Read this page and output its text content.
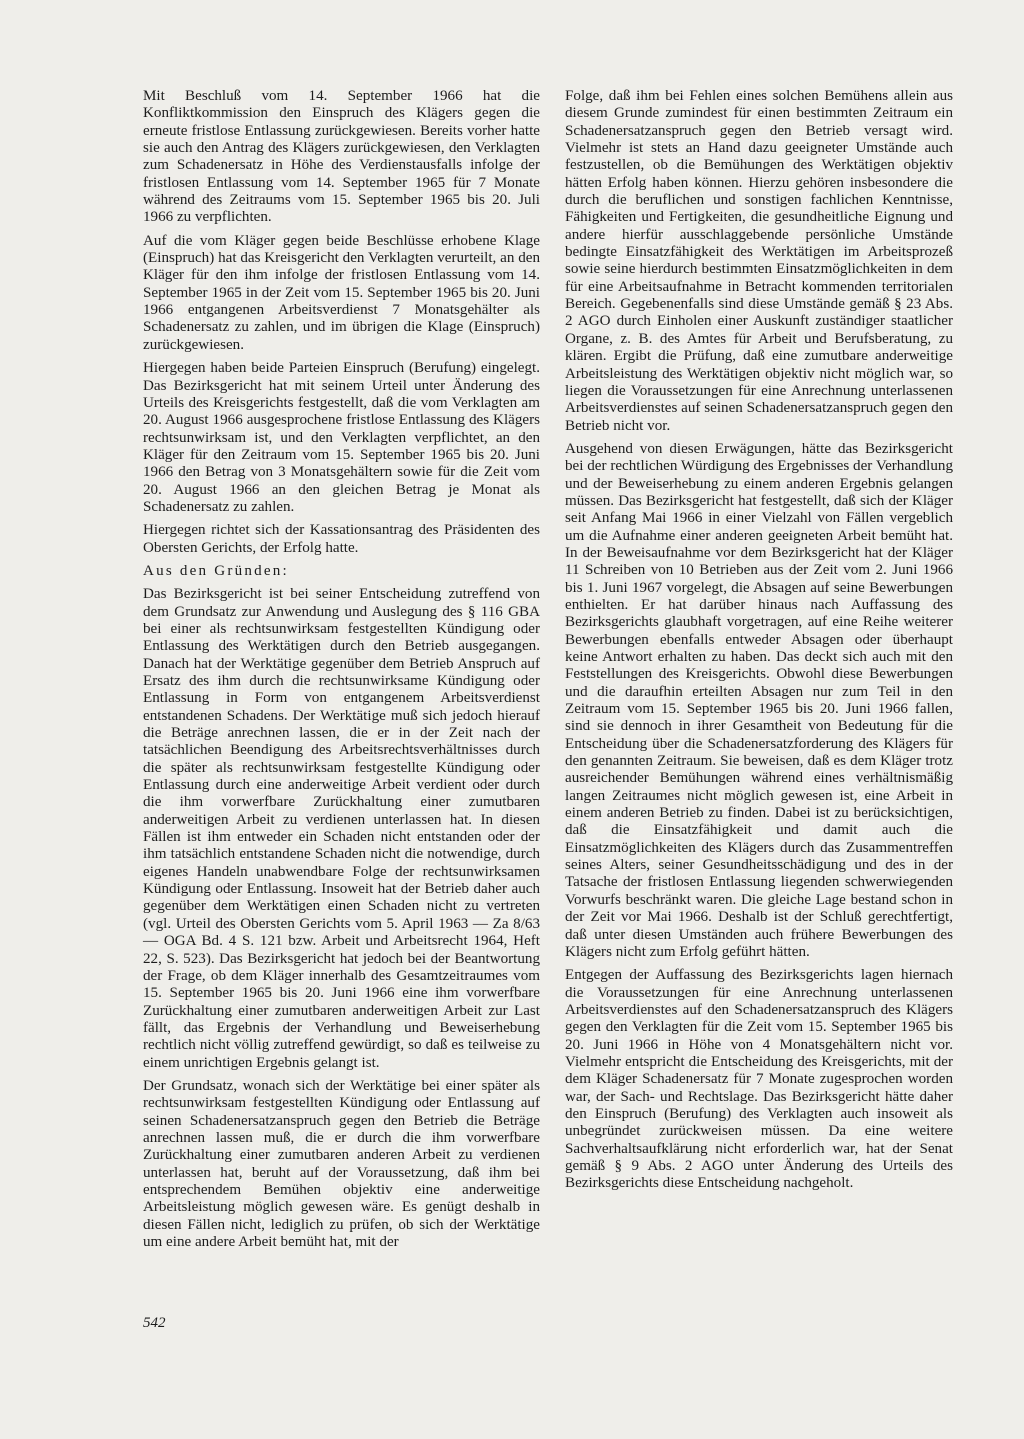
Mit Beschluß vom 14. September 1966 hat die Konfliktkommission den Einspruch des Klägers gegen die erneute fristlose Entlassung zurückgewiesen. Bereits vorher hatte sie auch den Antrag des Klägers zurückgewiesen, den Verklagten zum Schadenersatz in Höhe des Verdienstausfalls infolge der fristlosen Entlassung vom 14. September 1965 für 7 Monate während des Zeitraums vom 15. September 1965 bis 20. Juli 1966 zu verpflichten.

Auf die vom Kläger gegen beide Beschlüsse erhobene Klage (Einspruch) hat das Kreisgericht den Verklagten verurteilt, an den Kläger für den ihm infolge der fristlosen Entlassung vom 14. September 1965 in der Zeit vom 15. September 1965 bis 20. Juni 1966 entgangenen Arbeitsverdienst 7 Monatsgehälter als Schadenersatz zu zahlen, und im übrigen die Klage (Einspruch) zurückgewiesen.

Hiergegen haben beide Parteien Einspruch (Berufung) eingelegt. Das Bezirksgericht hat mit seinem Urteil unter Änderung des Urteils des Kreisgerichts festgestellt, daß die vom Verklagten am 20. August 1966 ausgesprochene fristlose Entlassung des Klägers rechtsunwirksam ist, und den Verklagten verpflichtet, an den Kläger für den Zeitraum vom 15. September 1965 bis 20. Juni 1966 den Betrag von 3 Monatsgehältern sowie für die Zeit vom 20. August 1966 an den gleichen Betrag je Monat als Schadenersatz zu zahlen.

Hiergegen richtet sich der Kassationsantrag des Präsidenten des Obersten Gerichts, der Erfolg hatte.

Aus den Gründen:

Das Bezirksgericht ist bei seiner Entscheidung zutreffend von dem Grundsatz zur Anwendung und Auslegung des § 116 GBA bei einer als rechtsunwirksam festgestellten Kündigung oder Entlassung des Werktätigen durch den Betrieb ausgegangen. Danach hat der Werktätige gegenüber dem Betrieb Anspruch auf Ersatz des ihm durch die rechtsunwirksame Kündigung oder Entlassung in Form von entgangenem Arbeitsverdienst entstandenen Schadens. Der Werktätige muß sich jedoch hierauf die Beträge anrechnen lassen, die er in der Zeit nach der tatsächlichen Beendigung des Arbeitsrechtsverhältnisses durch die später als rechtsunwirksam festgestellte Kündigung oder Entlassung durch eine anderweitige Arbeit verdient oder durch die ihm vorwerfbare Zurückhaltung einer zumutbaren anderweitigen Arbeit zu verdienen unterlassen hat. In diesen Fällen ist ihm entweder ein Schaden nicht entstanden oder der ihm tatsächlich entstandene Schaden nicht die notwendige, durch eigenes Handeln unabwendbare Folge der rechtsunwirksamen Kündigung oder Entlassung. Insoweit hat der Betrieb daher auch gegenüber dem Werktätigen einen Schaden nicht zu vertreten (vgl. Urteil des Obersten Gerichts vom 5. April 1963 — Za 8/63 — OGA Bd. 4 S. 121 bzw. Arbeit und Arbeitsrecht 1964, Heft 22, S. 523). Das Bezirksgericht hat jedoch bei der Beantwortung der Frage, ob dem Kläger innerhalb des Gesamtzeitraumes vom 15. September 1965 bis 20. Juni 1966 eine ihm vorwerfbare Zurückhaltung einer zumutbaren anderweitigen Arbeit zur Last fällt, das Ergebnis der Verhandlung und Beweiserhebung rechtlich nicht völlig zutreffend gewürdigt, so daß es teilweise zu einem unrichtigen Ergebnis gelangt ist.

Der Grundsatz, wonach sich der Werktätige bei einer später als rechtsunwirksam festgestellten Kündigung oder Entlassung auf seinen Schadenersatzanspruch gegen den Betrieb die Beträge anrechnen lassen muß, die er durch die ihm vorwerfbare Zurückhaltung einer zumutbaren anderen Arbeit zu verdienen unterlassen hat, beruht auf der Voraussetzung, daß ihm bei entsprechendem Bemühen objektiv eine anderweitige Arbeitsleistung möglich gewesen wäre. Es genügt deshalb in diesen Fällen nicht, lediglich zu prüfen, ob sich der Werktätige um eine andere Arbeit bemüht hat, mit der

Folge, daß ihm bei Fehlen eines solchen Bemühens allein aus diesem Grunde zumindest für einen bestimmten Zeitraum ein Schadenersatzanspruch gegen den Betrieb versagt wird. Vielmehr ist stets an Hand dazu geeigneter Umstände auch festzustellen, ob die Bemühungen des Werktätigen objektiv hätten Erfolg haben können. Hierzu gehören insbesondere die durch die beruflichen und sonstigen fachlichen Kenntnisse, Fähigkeiten und Fertigkeiten, die gesundheitliche Eignung und andere hierfür ausschlaggebende persönliche Umstände bedingte Einsatzfähigkeit des Werktätigen im Arbeitsprozeß sowie seine hierdurch bestimmten Einsatzmöglichkeiten in dem für eine Arbeitsaufnahme in Betracht kommenden territorialen Bereich. Gegebenenfalls sind diese Umstände gemäß § 23 Abs. 2 AGO durch Einholen einer Auskunft zuständiger staatlicher Organe, z. B. des Amtes für Arbeit und Berufsberatung, zu klären. Ergibt die Prüfung, daß eine zumutbare anderweitige Arbeitsleistung des Werktätigen objektiv nicht möglich war, so liegen die Voraussetzungen für eine Anrechnung unterlassenen Arbeitsverdienstes auf seinen Schadenersatzanspruch gegen den Betrieb nicht vor.

Ausgehend von diesen Erwägungen, hätte das Bezirksgericht bei der rechtlichen Würdigung des Ergebnisses der Verhandlung und der Beweiserhebung zu einem anderen Ergebnis gelangen müssen. Das Bezirksgericht hat festgestellt, daß sich der Kläger seit Anfang Mai 1966 in einer Vielzahl von Fällen vergeblich um die Aufnahme einer anderen geeigneten Arbeit bemüht hat. In der Beweisaufnahme vor dem Bezirksgericht hat der Kläger 11 Schreiben von 10 Betrieben aus der Zeit vom 2. Juni 1966 bis 1. Juni 1967 vorgelegt, die Absagen auf seine Bewerbungen enthielten. Er hat darüber hinaus nach Auffassung des Bezirksgerichts glaubhaft vorgetragen, auf eine Reihe weiterer Bewerbungen ebenfalls entweder Absagen oder überhaupt keine Antwort erhalten zu haben. Das deckt sich auch mit den Feststellungen des Kreisgerichts. Obwohl diese Bewerbungen und die daraufhin erteilten Absagen nur zum Teil in den Zeitraum vom 15. September 1965 bis 20. Juni 1966 fallen, sind sie dennoch in ihrer Gesamtheit von Bedeutung für die Entscheidung über die Schadenersatzforderung des Klägers für den genannten Zeitraum. Sie beweisen, daß es dem Kläger trotz ausreichender Bemühungen während eines verhältnismäßig langen Zeitraumes nicht möglich gewesen ist, eine Arbeit in einem anderen Betrieb zu finden. Dabei ist zu berücksichtigen, daß die Einsatzfähigkeit und damit auch die Einsatzmöglichkeiten des Klägers durch das Zusammentreffen seines Alters, seiner Gesundheitsschädigung und des in der Tatsache der fristlosen Entlassung liegenden schwerwiegenden Vorwurfs beschränkt waren. Die gleiche Lage bestand schon in der Zeit vor Mai 1966. Deshalb ist der Schluß gerechtfertigt, daß unter diesen Umständen auch frühere Bewerbungen des Klägers nicht zum Erfolg geführt hätten.

Entgegen der Auffassung des Bezirksgerichts lagen hiernach die Voraussetzungen für eine Anrechnung unterlassenen Arbeitsverdienstes auf den Schadenersatzanspruch des Klägers gegen den Verklagten für die Zeit vom 15. September 1965 bis 20. Juni 1966 in Höhe von 4 Monatsgehältern nicht vor. Vielmehr entspricht die Entscheidung des Kreisgerichts, mit der dem Kläger Schadenersatz für 7 Monate zugesprochen worden war, der Sach- und Rechtslage. Das Bezirksgericht hätte daher den Einspruch (Berufung) des Verklagten auch insoweit als unbegründet zurückweisen müssen. Da eine weitere Sachverhaltsaufklärung nicht erforderlich war, hat der Senat gemäß § 9 Abs. 2 AGO unter Änderung des Urteils des Bezirksgerichts diese Entscheidung nachgeholt.

542
